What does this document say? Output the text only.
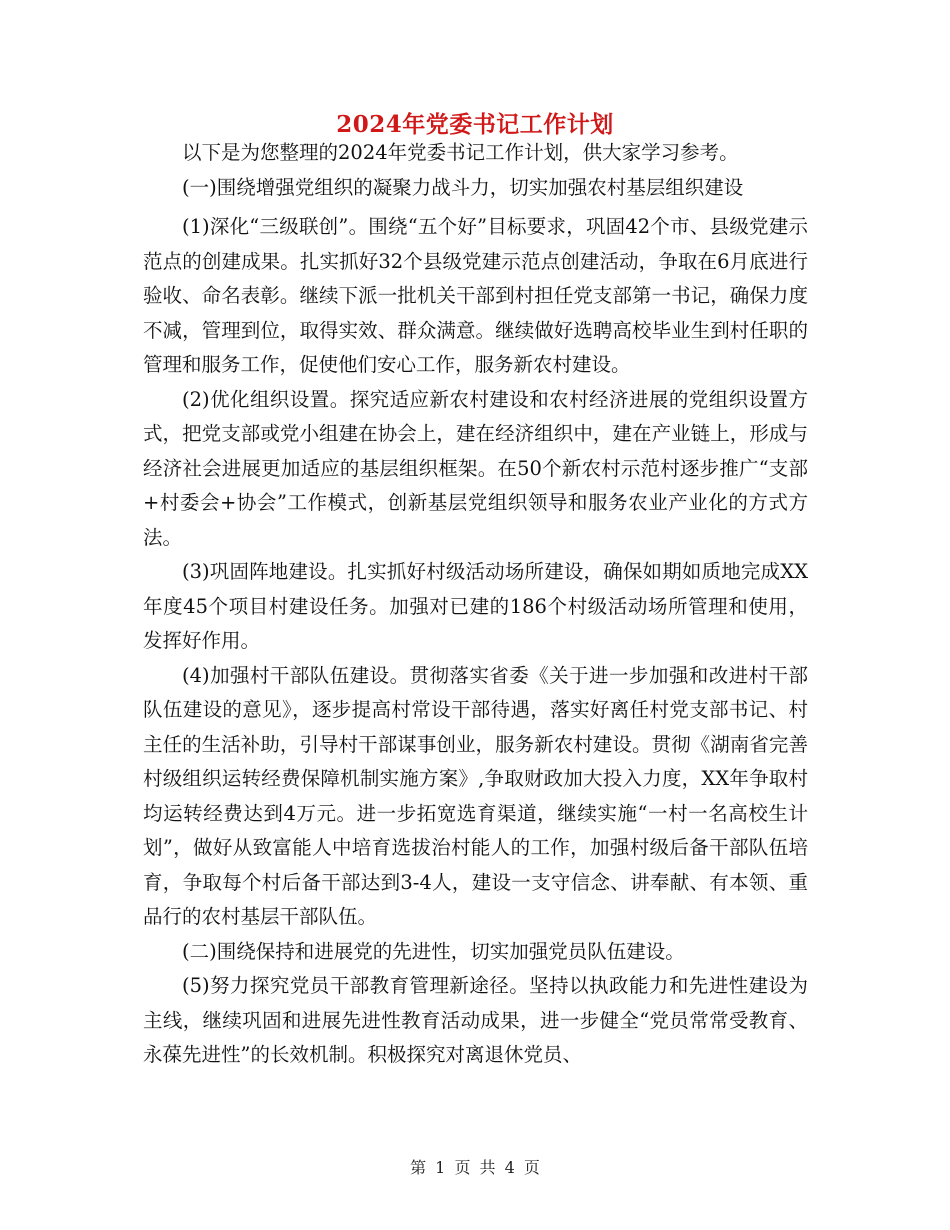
2024年党委书记工作计划

以下是为您整理的2024年党委书记工作计划，供大家学习参考。

(一)围绕增强党组织的凝聚力战斗力，切实加强农村基层组织建设

(1)深化“三级联创”。围绕“五个好”目标要求，巩固42个市、县级党建示范点的创建成果。扎实抓好32个县级党建示范点创建活动，争取在6月底进行验收、命名表彰。继续下派一批机关干部到村担任党支部第一书记，确保力度不减，管理到位，取得实效、群众满意。继续做好选聘高校毕业生到村任职的管理和服务工作，促使他们安心工作，服务新农村建设。

(2)优化组织设置。探究适应新农村建设和农村经济进展的党组织设置方式，把党支部或党小组建在协会上，建在经济组织中，建在产业链上，形成与经济社会进展更加适应的基层组织框架。在50个新农村示范村逐步推广“支部+村委会+协会”工作模式，创新基层党组织领导和服务农业产业化的方式方法。

(3)巩固阵地建设。扎实抓好村级活动场所建设，确保如期如质地完成XX年度45个项目村建设任务。加强对已建的186个村级活动场所管理和使用，发挥好作用。

(4)加强村干部队伍建设。贯彻落实省委《关于进一步加强和改进村干部队伍建设的意见》，逐步提高村常设干部待遇，落实好离任村党支部书记、村主任的生活补助，引导村干部谋事创业，服务新农村建设。贯彻《湖南省完善村级组织运转经费保障机制实施方案》,争取财政加大投入力度，XX年争取村均运转经费达到4万元。进一步拓宽选育渠道，继续实施“一村一名高校生计划”，做好从致富能人中培育选拔治村能人的工作，加强村级后备干部队伍培育，争取每个村后备干部达到3-4人，建设一支守信念、讲奉献、有本领、重品行的农村基层干部队伍。

(二)围绕保持和进展党的先进性，切实加强党员队伍建设。

(5)努力探究党员干部教育管理新途径。坚持以执政能力和先进性建设为主线，继续巩固和进展先进性教育活动成果，进一步健全“党员常常受教育、永葆先进性”的长效机制。积极探究对离退休党员、

第 1 页 共 4 页
